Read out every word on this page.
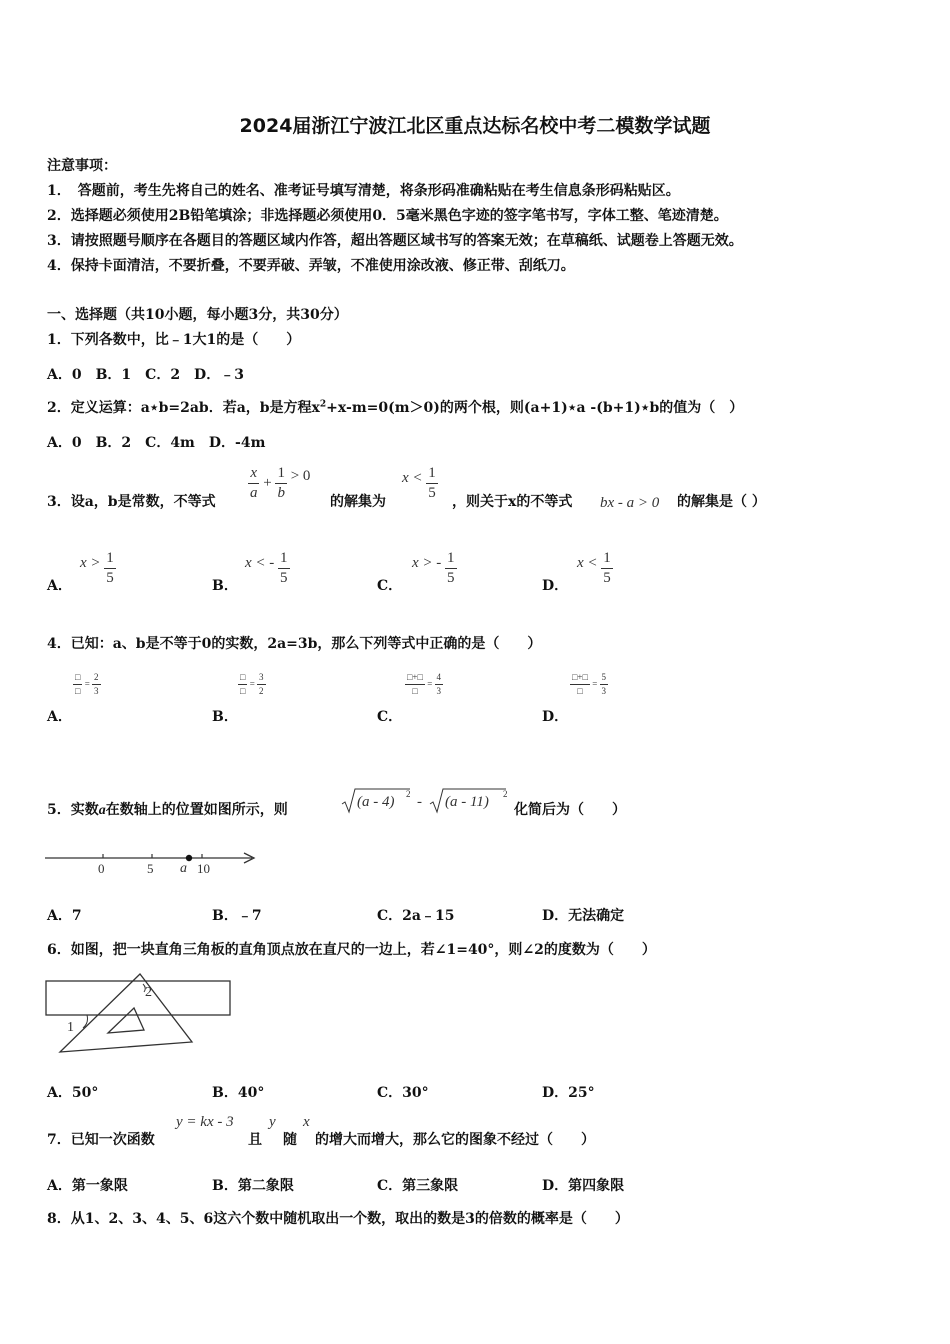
2024届浙江宁波江北区重点达标名校中考二模数学试题
注意事项：
1．　答题前，考生先将自己的姓名、准考证号填写清楚，将条形码准确粘贴在考生信息条形码粘贴区。
2．选择题必须使用2B铅笔填涂；非选择题必须使用0．5毫米黑色字迹的签字笔书写，字体工整、笔迹清楚。
3．请按照题号顺序在各题目的答题区域内作答，超出答题区域书写的答案无效；在草稿纸、试题卷上答题无效。
4．保持卡面清洁，不要折叠，不要弄破、弄皱，不准使用涂改液、修正带、刮纸刀。
一、选择题（共10小题，每小题3分，共30分）
1．下列各数中，比﹣1大1的是（　　）
A．0　B．1　C．2　D．﹣3
2．定义运算：a⋆b=2ab．若a，b是方程$x^2+x-m=0(m>0)$的两个根，则(a+1)⋆a -(b+1)⋆b的值为（　）
A．0　B．2　C．4m　D．-4m
3．设a，b是常数，不等式
$\frac{x}{a} + \frac{1}{b} > 0$
的解集为
$x < \frac{1}{5}$
，则关于x的不等式 bx - a > 0 的解集是（ ）
A．
$x > \frac{1}{5}$	B．
x < - $\frac{1}{5}$	C．
x > - $\frac{1}{5}$	D．
$x < \frac{1}{5}$
4．已知：a、b是不等于0的实数，2a=3b，那么下列等式中正确的是（　　）
A．
$\frac{□}{□} = \frac{2}{3}$
B．
$\frac{□}{□} = \frac{3}{2}$
C．
$\frac{□+□}{□} = \frac{4}{3}$
D．
$\frac{□+□}{□} = \frac{5}{3}$
5．实数a在数轴上的位置如图所示，则	(a - 4) 2 - (a - 11) 2
化简后为（　　）
0	5 a 10
A．7	B．﹣7	C．2a﹣15	D．无法确定
6．如图，把一块直角三角板的直角顶点放在直尺的一边上，若∠1=40°，则∠2的度数为（　　）
1
2
A．50°	B．40°	C．30°	D．25°
7．已知一次函数
y = kx - 3
且
y
随
x
的增大而增大，那么它的图象不经过（　　）
A．第一象限	B．第二象限	C．第三象限	D．第四象限
8．从1、2、3、4、5、6这六个数中随机取出一个数，取出的数是3的倍数的概率是（　　）
